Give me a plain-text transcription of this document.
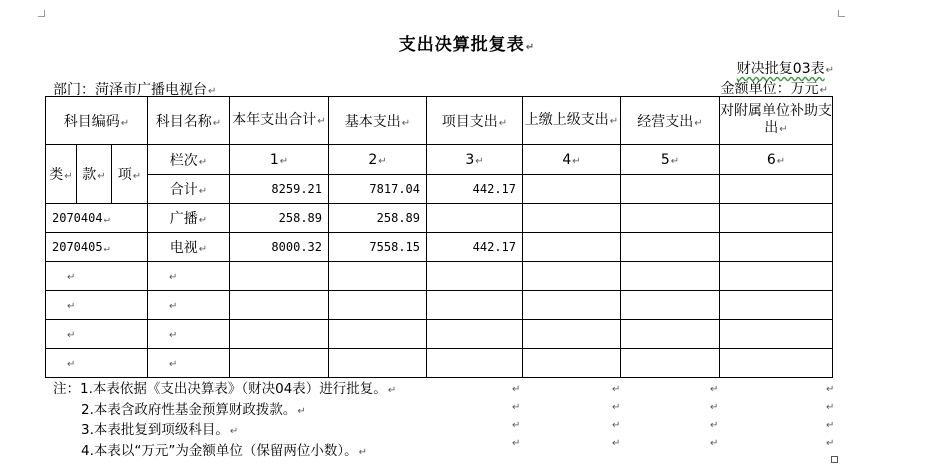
支出决算批复表↵
财决批复03表↵
部门：菏泽市广播电视台↵	金额单位：万元↵
科目编码↵			科目名称↵	本年支出合计↵	基本支出↵	项目支出↵	上缴上级支出↵	经营支出↵	对附属单位补助支出↵
类↵	款↵	项↵	栏次↵	1↵	2↵	3↵	4↵	5↵	6↵
			合计↵	8259.21	7817.04	442.17			
2070404↵			广播↵	258.89	258.89				
2070405↵			电视↵	8000.32	7558.15	442.17			
↵			↵						
↵			↵						
↵			↵						
↵			↵						
注：1.本表依据《支出决算表》（财决04表）进行批复。↵
2.本表含政府性基金预算财政拨款。↵
3.本表批复到项级科目。↵
4.本表以“万元”为金额单位（保留两位小数）。↵
↵	↵	↵	↵
↵	↵	↵	↵
↵	↵	↵	↵
↵	↵	↵	↵
